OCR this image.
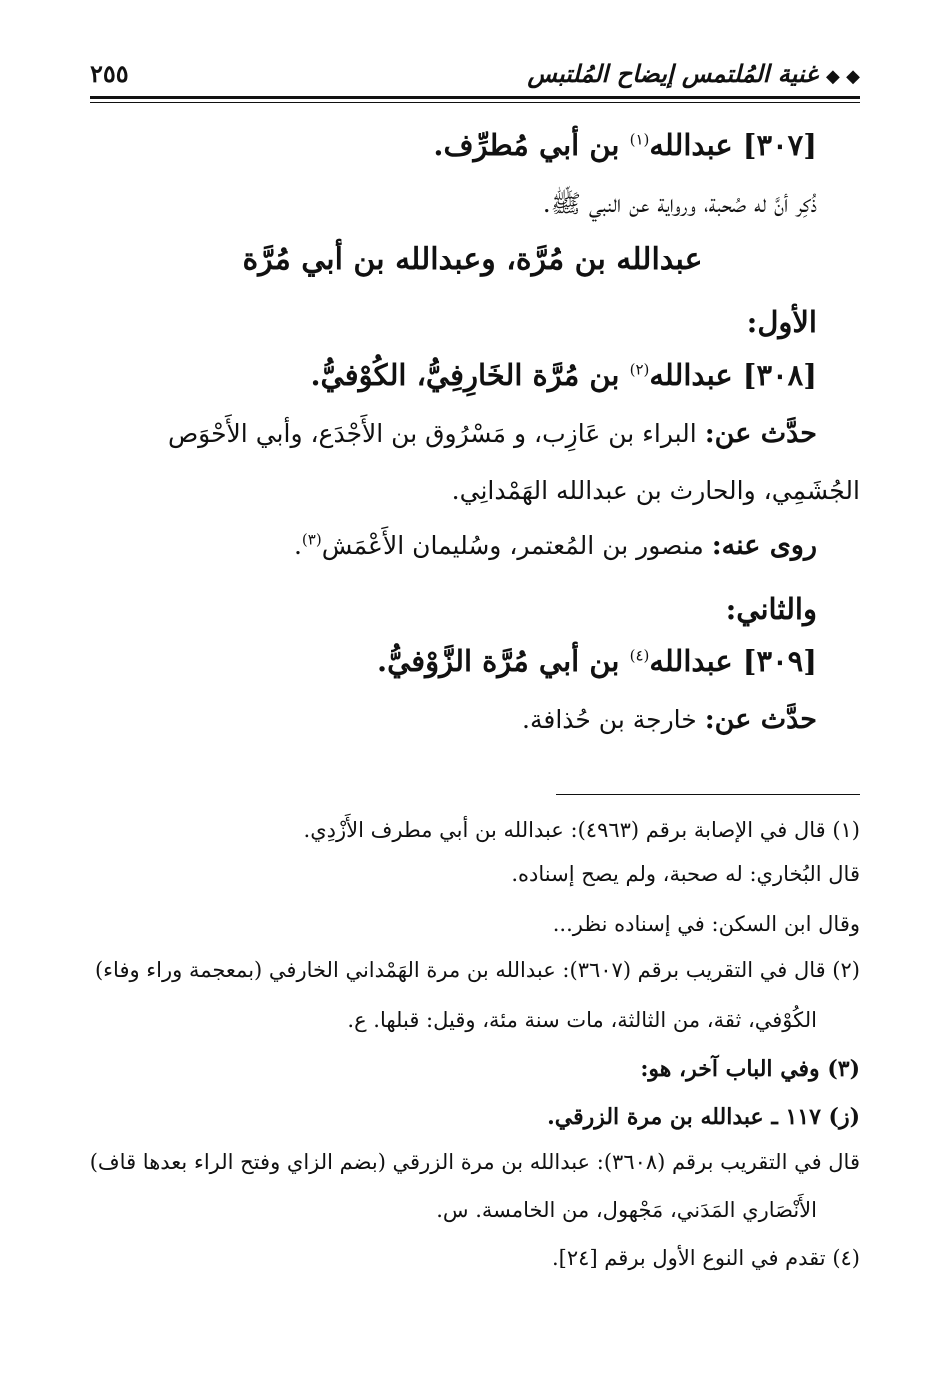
◆ ◆ غنية المُلتمس إيضاح المُلتبس
٢٥٥
[٣٠٧] عبدالله$^{(١)}$ بن أبي مُطرِّف.
ذُكِر أنَّ له صُحبة، ورواية عن النبي ﷺ.
عبدالله بن مُرَّة، وعبدالله بن أبي مُرَّة
الأول:
[٣٠٨] عبدالله$^{(٢)}$ بن مُرَّة الخَارِفِيُّ، الكُوْفيُّ.
حدَّث عن: البراء بن عَازِب، و مَسْرُوق بن الأَجْدَع، وأبي الأَحْوَص
الجُشَمِي، والحارث بن عبدالله الهَمْدانِي.
روى عنه: منصور بن المُعتمر، وسُليمان الأَعْمَش$^{(٣)}$.
والثاني:
[٣٠٩] عبدالله$^{(٤)}$ بن أبي مُرَّة الزَّوْفيُّ.
حدَّث عن: خارجة بن حُذافة.
(١) قال في الإصابة برقم (٤٩٦٣): عبدالله بن أبي مطرف الأَزْدِي.
قال البُخاري: له صحبة، ولم يصح إسناده.
وقال ابن السكن: في إسناده نظر...
(٢) قال في التقريب برقم (٣٦٠٧): عبدالله بن مرة الهَمْداني الخارفي (بمعجمة وراء وفاء)
الكُوْفي، ثقة، من الثالثة، مات سنة مئة، وقيل: قبلها. ع.
(٣) وفي الباب آخر، هو:
(ز) ١١٧ ـ عبدالله بن مرة الزرقي.
قال في التقريب برقم (٣٦٠٨): عبدالله بن مرة الزرقي (بضم الزاي وفتح الراء بعدها قاف)
الأَنْصَاري المَدَني، مَجْهول، من الخامسة. س.
(٤) تقدم في النوع الأول برقم [٢٤].
